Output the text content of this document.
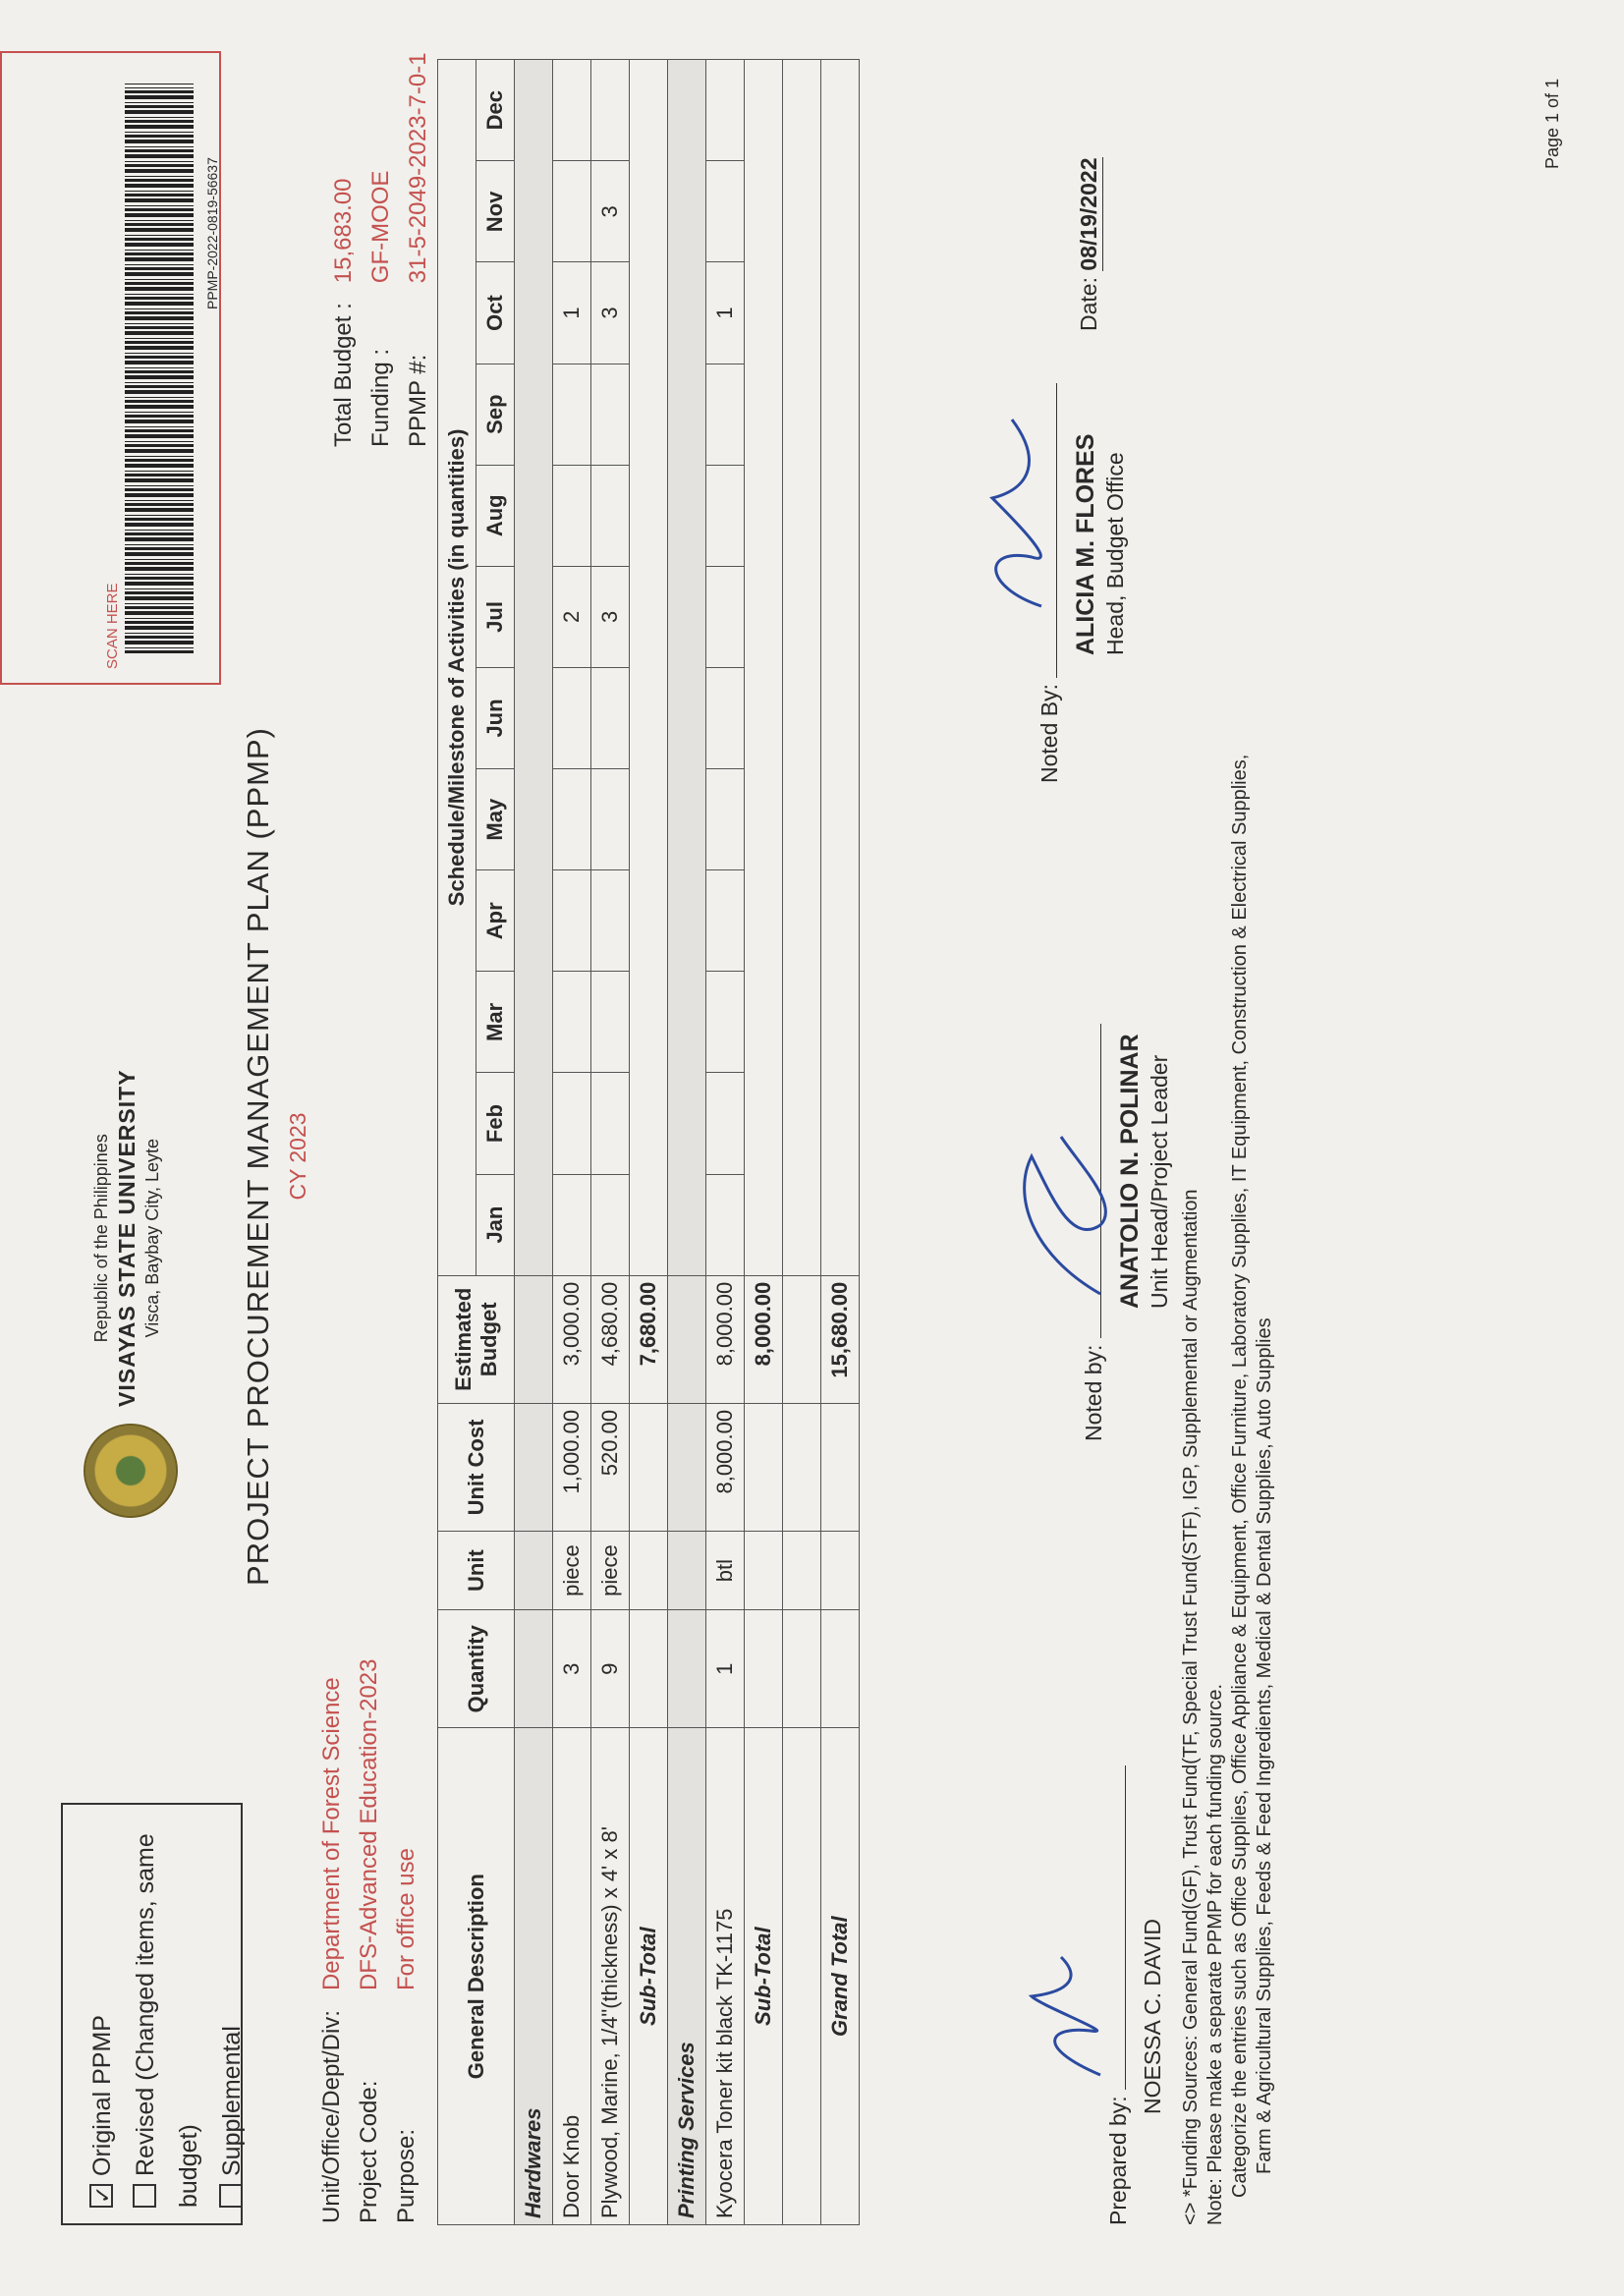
✓Original PPMP Revised (Changed items, same budget) Supplemental
Republic of the Philippines VISAYAS STATE UNIVERSITY Visca, Baybay City, Leyte
SCAN HERE
PPMP-2022-0819-56637
PROJECT PROCUREMENT MANAGEMENT PLAN (PPMP) CY 2023
Unit/Office/Dept/Div:	Department of Forest Science
Project Code:	DFS-Advanced Education-2023
Purpose:	For office use
Total Budget :	15,683.00
Funding :	GF-MOOE
PPMP #:	31-5-2049-2023-7-0-1
General Description	Quantity	Unit	Unit Cost	Estimated Budget	Schedule/Milestone of Activities (in quantities)											
					Jan	Feb	Mar	Apr	May	Jun	Jul	Aug	Sep	Oct	Nov	Dec
Hardwares																
Door Knob	3	piece	1,000.00	3,000.00							2			1		
Plywood, Marine, 1/4"(thickness) x 4' x 8'	9	piece	520.00	4,680.00							3			3	3	
Sub-Total				7,680.00												
Printing Services																
Kyocera Toner kit black TK-1175	1	btl	8,000.00	8,000.00										1		
Sub-Total				8,000.00												

Grand Total				15,680.00												
Prepared by:
NOESSA C. DAVID
Noted by:
ANATOLIO N. POLINAR Unit Head/Project Leader
Noted By:
ALICIA M. FLORES Head, Budget Office
Date: 08/19/2022
<> *Funding Sources: General Fund(GF), Trust Fund(TF, Special Trust Fund(STF), IGP, Supplemental or Augmentation Note: Please make a separate PPMP for each funding source. Categorize the entries such as Office Supplies, Office Appliance & Equipment, Office Furniture, Laboratory Supplies, IT Equipment, Construction & Electrical Supplies, Farm & Agricultural Supplies, Feeds & Feed Ingredients, Medical & Dental Supplies, Auto Supplies
Page 1 of 1
